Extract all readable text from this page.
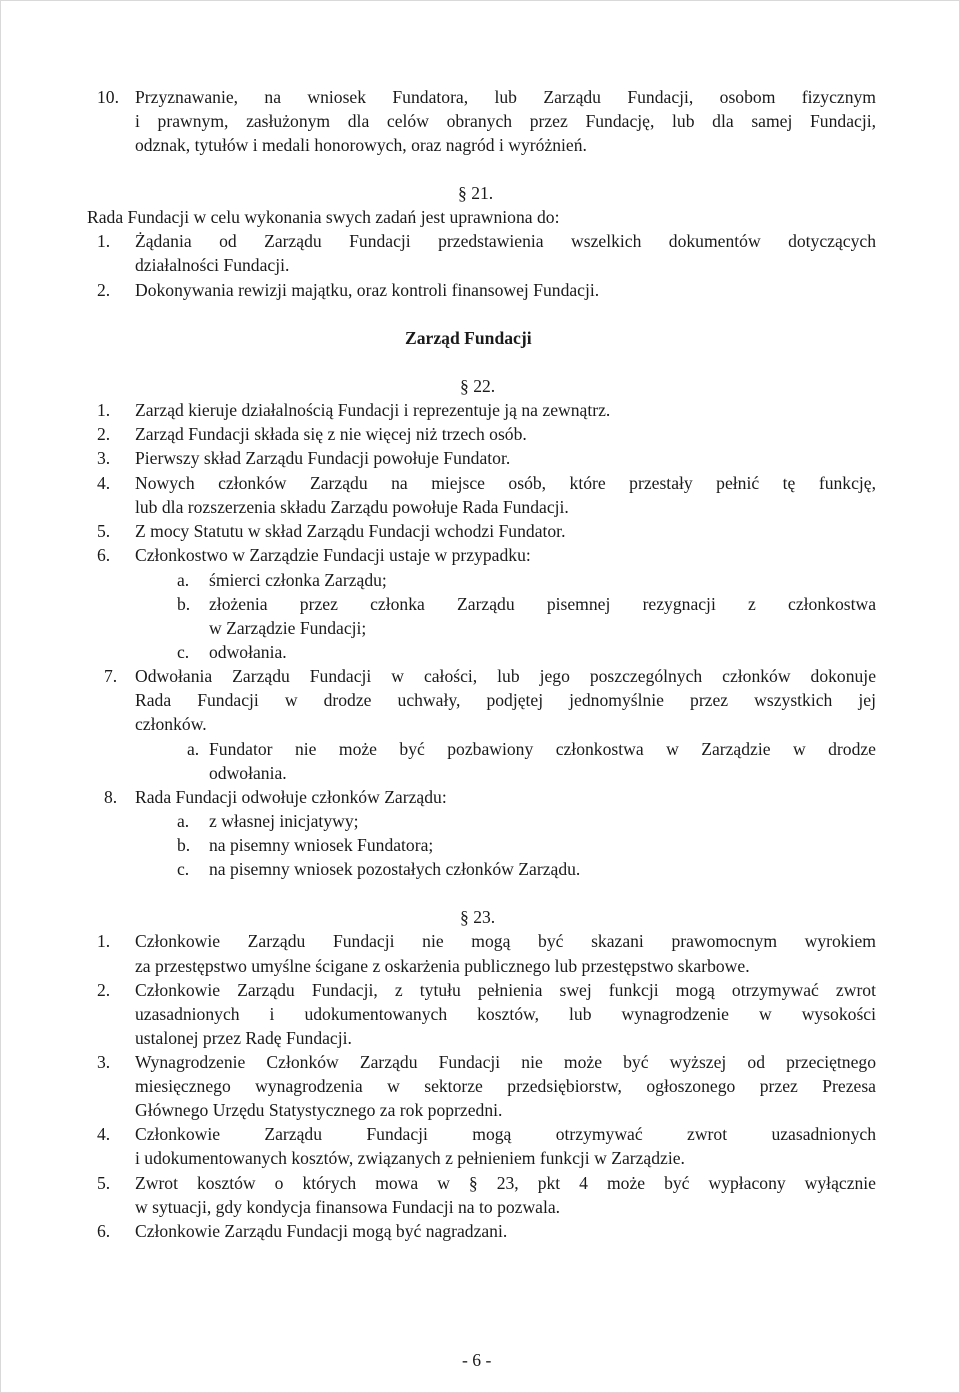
10. Przyznawanie, na wniosek Fundatora, lub Zarządu Fundacji, osobom fizycznym
i prawnym, zasłużonym dla celów obranych przez Fundację, lub dla samej Fundacji,
odznak, tytułów i medali honorowych, oraz nagród i wyróżnień.
§ 21.
Rada Fundacji w celu wykonania swych zadań jest uprawniona do:
1. Żądania od Zarządu Fundacji przedstawienia wszelkich dokumentów dotyczących
działalności Fundacji.
2. Dokonywania rewizji majątku, oraz kontroli finansowej Fundacji.
Zarząd Fundacji
§ 22.
1. Zarząd kieruje działalnością Fundacji i reprezentuje ją na zewnątrz.
2. Zarząd Fundacji składa się z nie więcej niż trzech osób.
3. Pierwszy skład Zarządu Fundacji powołuje Fundator.
4. Nowych członków Zarządu na miejsce osób, które przestały pełnić tę funkcję,
lub dla rozszerzenia składu Zarządu powołuje Rada Fundacji.
5. Z mocy Statutu w skład Zarządu Fundacji wchodzi Fundator.
6. Członkostwo w Zarządzie Fundacji ustaje w przypadku:
a. śmierci członka Zarządu;
b. złożenia przez członka Zarządu pisemnej rezygnacji z członkostwa
w Zarządzie Fundacji;
c. odwołania.
7. Odwołania Zarządu Fundacji w całości, lub jego poszczególnych członków dokonuje
Rada Fundacji w drodze uchwały, podjętej jednomyślnie przez wszystkich jej
członków.
a. Fundator nie może być pozbawiony członkostwa w Zarządzie w drodze
odwołania.
8. Rada Fundacji odwołuje członków Zarządu:
a. z własnej inicjatywy;
b. na pisemny wniosek Fundatora;
c. na pisemny wniosek pozostałych członków Zarządu.
§ 23.
1. Członkowie Zarządu Fundacji nie mogą być skazani prawomocnym wyrokiem
za przestępstwo umyślne ścigane z oskarżenia publicznego lub przestępstwo skarbowe.
2. Członkowie Zarządu Fundacji, z tytułu pełnienia swej funkcji mogą otrzymywać zwrot
uzasadnionych i udokumentowanych kosztów, lub wynagrodzenie w wysokości
ustalonej przez Radę Fundacji.
3. Wynagrodzenie Członków Zarządu Fundacji nie może być wyższej od przeciętnego
miesięcznego wynagrodzenia w sektorze przedsiębiorstw, ogłoszonego przez Prezesa
Głównego Urzędu Statystycznego za rok poprzedni.
4. Członkowie Zarządu Fundacji mogą otrzymywać zwrot uzasadnionych
i udokumentowanych kosztów, związanych z pełnieniem funkcji w Zarządzie.
5. Zwrot kosztów o których mowa w § 23, pkt 4 może być wypłacony wyłącznie
w sytuacji, gdy kondycja finansowa Fundacji na to pozwala.
6. Członkowie Zarządu Fundacji mogą być nagradzani.
- 6 -
